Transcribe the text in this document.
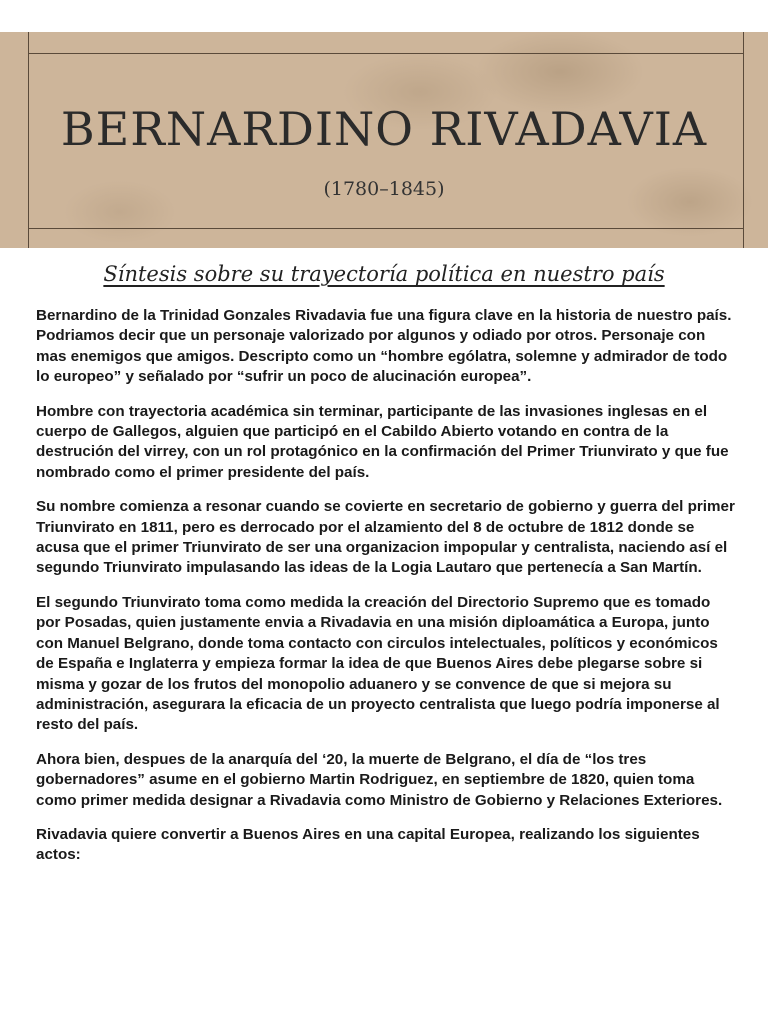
BERNARDINO RIVADAVIA
(1780–1845)
Síntesis sobre su trayectoría política en nuestro país

Bernardino de la Trinidad Gonzales Rivadavia fue una figura clave en la historia de nuestro país. Podriamos decir que un personaje valorizado por algunos y odiado por otros. Personaje con mas enemigos que amigos. Descripto como un “hombre ególatra, solemne y admirador de todo lo europeo” y señalado por “sufrir un poco de alucinación europea”.

Hombre con trayectoria académica sin terminar, participante de las invasiones inglesas en el cuerpo de Gallegos, alguien que participó en el Cabildo Abierto votando en contra de la destrución del virrey, con un rol protagónico en la confirmación del Primer Triunvirato y que fue nombrado como el primer presidente del país.

Su nombre comienza a resonar cuando se covierte en secretario de gobierno y guerra del primer Triunvirato en 1811, pero es derrocado por el alzamiento del 8 de octubre de 1812 donde se acusa que el primer Triunvirato de ser una organizacion impopular y centralista, naciendo así el segundo Triunvirato impulasando las ideas de la Logia Lautaro que pertenecía a San Martín.

El segundo Triunvirato toma como medida la creación del Directorio Supremo que es tomado por Posadas, quien justamente envia a Rivadavia en una misión diploamática a Europa, junto con Manuel Belgrano, donde toma contacto con circulos intelectuales, políticos y económicos de España e Inglaterra y empieza formar la idea de que Buenos Aires debe plegarse sobre si misma y gozar de los frutos del monopolio aduanero y se convence de que si mejora su administración, asegurara la eficacia de un proyecto centralista que luego podría imponerse al resto del país.

Ahora bien, despues de la anarquía del ‘20, la muerte de Belgrano, el día de “los tres gobernadores” asume en el gobierno Martin Rodriguez, en septiembre de 1820, quien toma como primer medida designar a Rivadavia como Ministro de Gobierno y Relaciones Exteriores.

Rivadavia quiere convertir a Buenos Aires en una capital Europea, realizando los siguientes actos:
